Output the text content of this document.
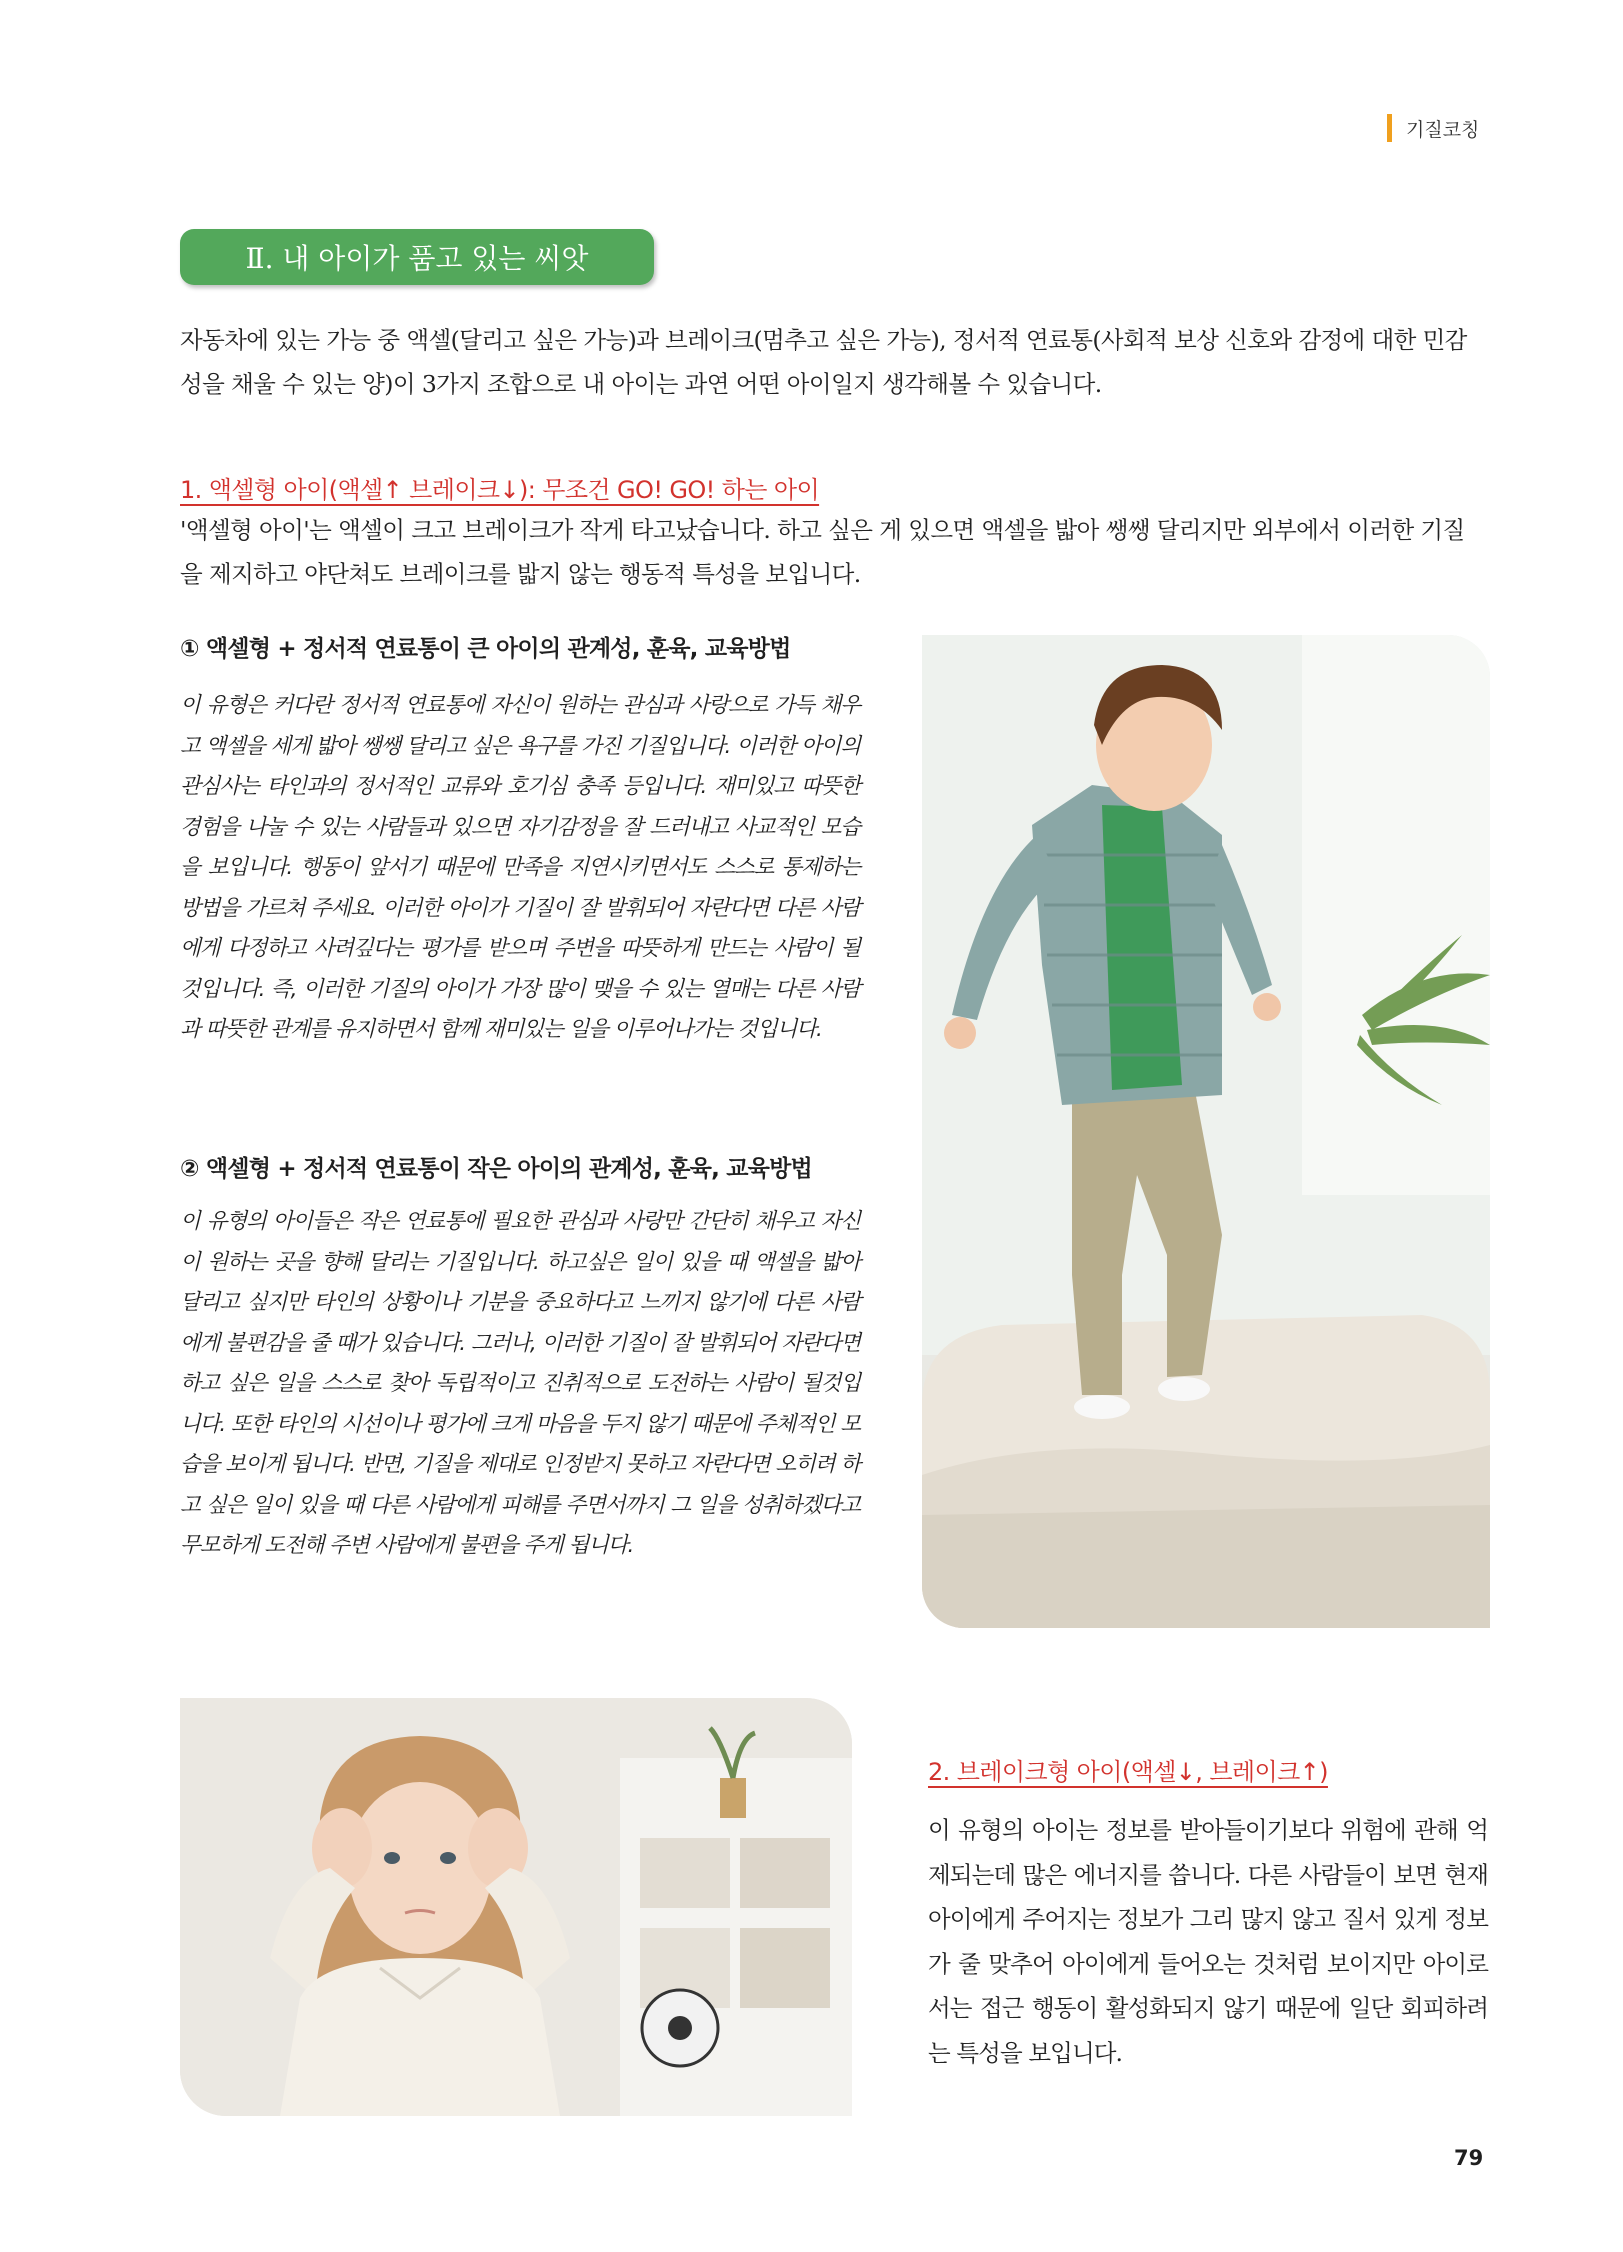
기질코칭
Ⅱ. 내 아이가 품고 있는 씨앗

자동차에 있는 가능 중 액셀(달리고 싶은 가능)과 브레이크(멈추고 싶은 가능), 정서적 연료통(사회적 보상 신호와 감정에 대한 민감성을 채울 수 있는 양)이 3가지 조합으로 내 아이는 과연 어떤 아이일지 생각해볼 수 있습니다.

1. 액셀형 아이(액셀↑ 브레이크↓): 무조건 GO! GO! 하는 아이

'액셀형 아이'는 액셀이 크고 브레이크가 작게 타고났습니다. 하고 싶은 게 있으면 액셀을 밟아 쌩쌩 달리지만 외부에서 이러한 기질을 제지하고 야단쳐도 브레이크를 밟지 않는 행동적 특성을 보입니다.

① 액셀형 + 정서적 연료통이 큰 아이의 관계성, 훈육, 교육방법

이 유형은 커다란 정서적 연료통에 자신이 원하는 관심과 사랑으로 가득 채우고 액셀을 세게 밟아 쌩쌩 달리고 싶은 욕구를 가진 기질입니다. 이러한 아이의 관심사는 타인과의 정서적인 교류와 호기심 충족 등입니다. 재미있고 따뜻한 경험을 나눌 수 있는 사람들과 있으면 자기감정을 잘 드러내고 사교적인 모습을 보입니다. 행동이 앞서기 때문에 만족을 지연시키면서도 스스로 통제하는 방법을 가르쳐 주세요. 이러한 아이가 기질이 잘 발휘되어 자란다면 다른 사람에게 다정하고 사려깊다는 평가를 받으며 주변을 따뜻하게 만드는 사람이 될것입니다. 즉, 이러한 기질의 아이가 가장 많이 맺을 수 있는 열매는 다른 사람과 따뜻한 관계를 유지하면서 함께 재미있는 일을 이루어나가는 것입니다.

② 액셀형 + 정서적 연료통이 작은 아이의 관계성, 훈육, 교육방법

이 유형의 아이들은 작은 연료통에 필요한 관심과 사랑만 간단히 채우고 자신이 원하는 곳을 향해 달리는 기질입니다. 하고싶은 일이 있을 때 액셀을 밟아 달리고 싶지만 타인의 상황이나 기분을 중요하다고 느끼지 않기에 다른 사람에게 불편감을 줄 때가 있습니다. 그러나, 이러한 기질이 잘 발휘되어 자란다면 하고 싶은 일을 스스로 찾아 독립적이고 진취적으로 도전하는 사람이 될것입니다. 또한 타인의 시선이나 평가에 크게 마음을 두지 않기 때문에 주체적인 모습을 보이게 됩니다. 반면, 기질을 제대로 인정받지 못하고 자란다면 오히려 하고 싶은 일이 있을 때 다른 사람에게 피해를 주면서까지 그 일을 성취하겠다고 무모하게 도전해 주변 사람에게 불편을 주게 됩니다.

2. 브레이크형 아이(액셀↓, 브레이크↑)

이 유형의 아이는 정보를 받아들이기보다 위험에 관해 억제되는데 많은 에너지를 씁니다. 다른 사람들이 보면 현재 아이에게 주어지는 정보가 그리 많지 않고 질서 있게 정보가 줄 맞추어 아이에게 들어오는 것처럼 보이지만 아이로서는 접근 행동이 활성화되지 않기 때문에 일단 회피하려는 특성을 보입니다.

79
